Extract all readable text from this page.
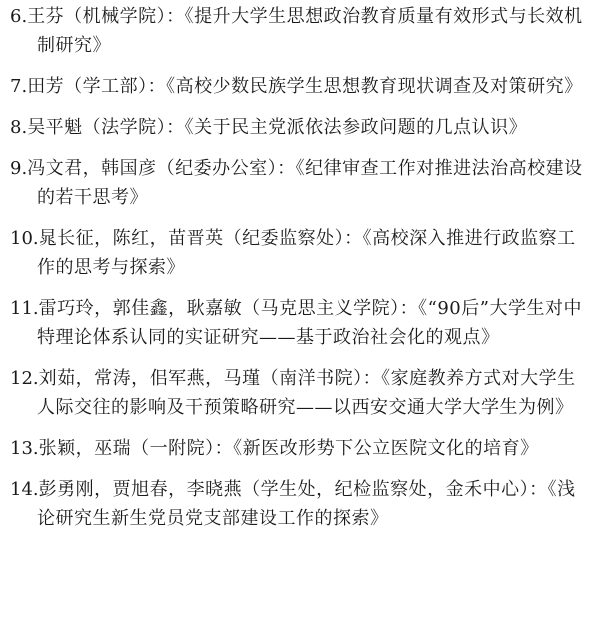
6.王芬（机械学院）：《提升大学生思想政治教育质量有效形式与长效机制研究》

7.田芳（学工部）：《高校少数民族学生思想教育现状调查及对策研究》

8.吴平魁（法学院）：《关于民主党派依法参政问题的几点认识》

9.冯文君，韩国彦（纪委办公室）：《纪律审查工作对推进法治高校建设的若干思考》

10.晁长征，陈红，苗晋英（纪委监察处）：《高校深入推进行政监察工作的思考与探索》

11.雷巧玲，郭佳鑫，耿嘉敏（马克思主义学院）：《“90后”大学生对中特理论体系认同的实证研究——基于政治社会化的观点》

12.刘茹，常涛，佀军燕，马瑾（南洋书院）：《家庭教养方式对大学生人际交往的影响及干预策略研究——以西安交通大学大学生为例》

13.张颖，巫瑞（一附院）：《新医改形势下公立医院文化的培育》

14.彭勇刚，贾旭春，李晓燕（学生处，纪检监察处，金禾中心）：《浅论研究生新生党员党支部建设工作的探索》
